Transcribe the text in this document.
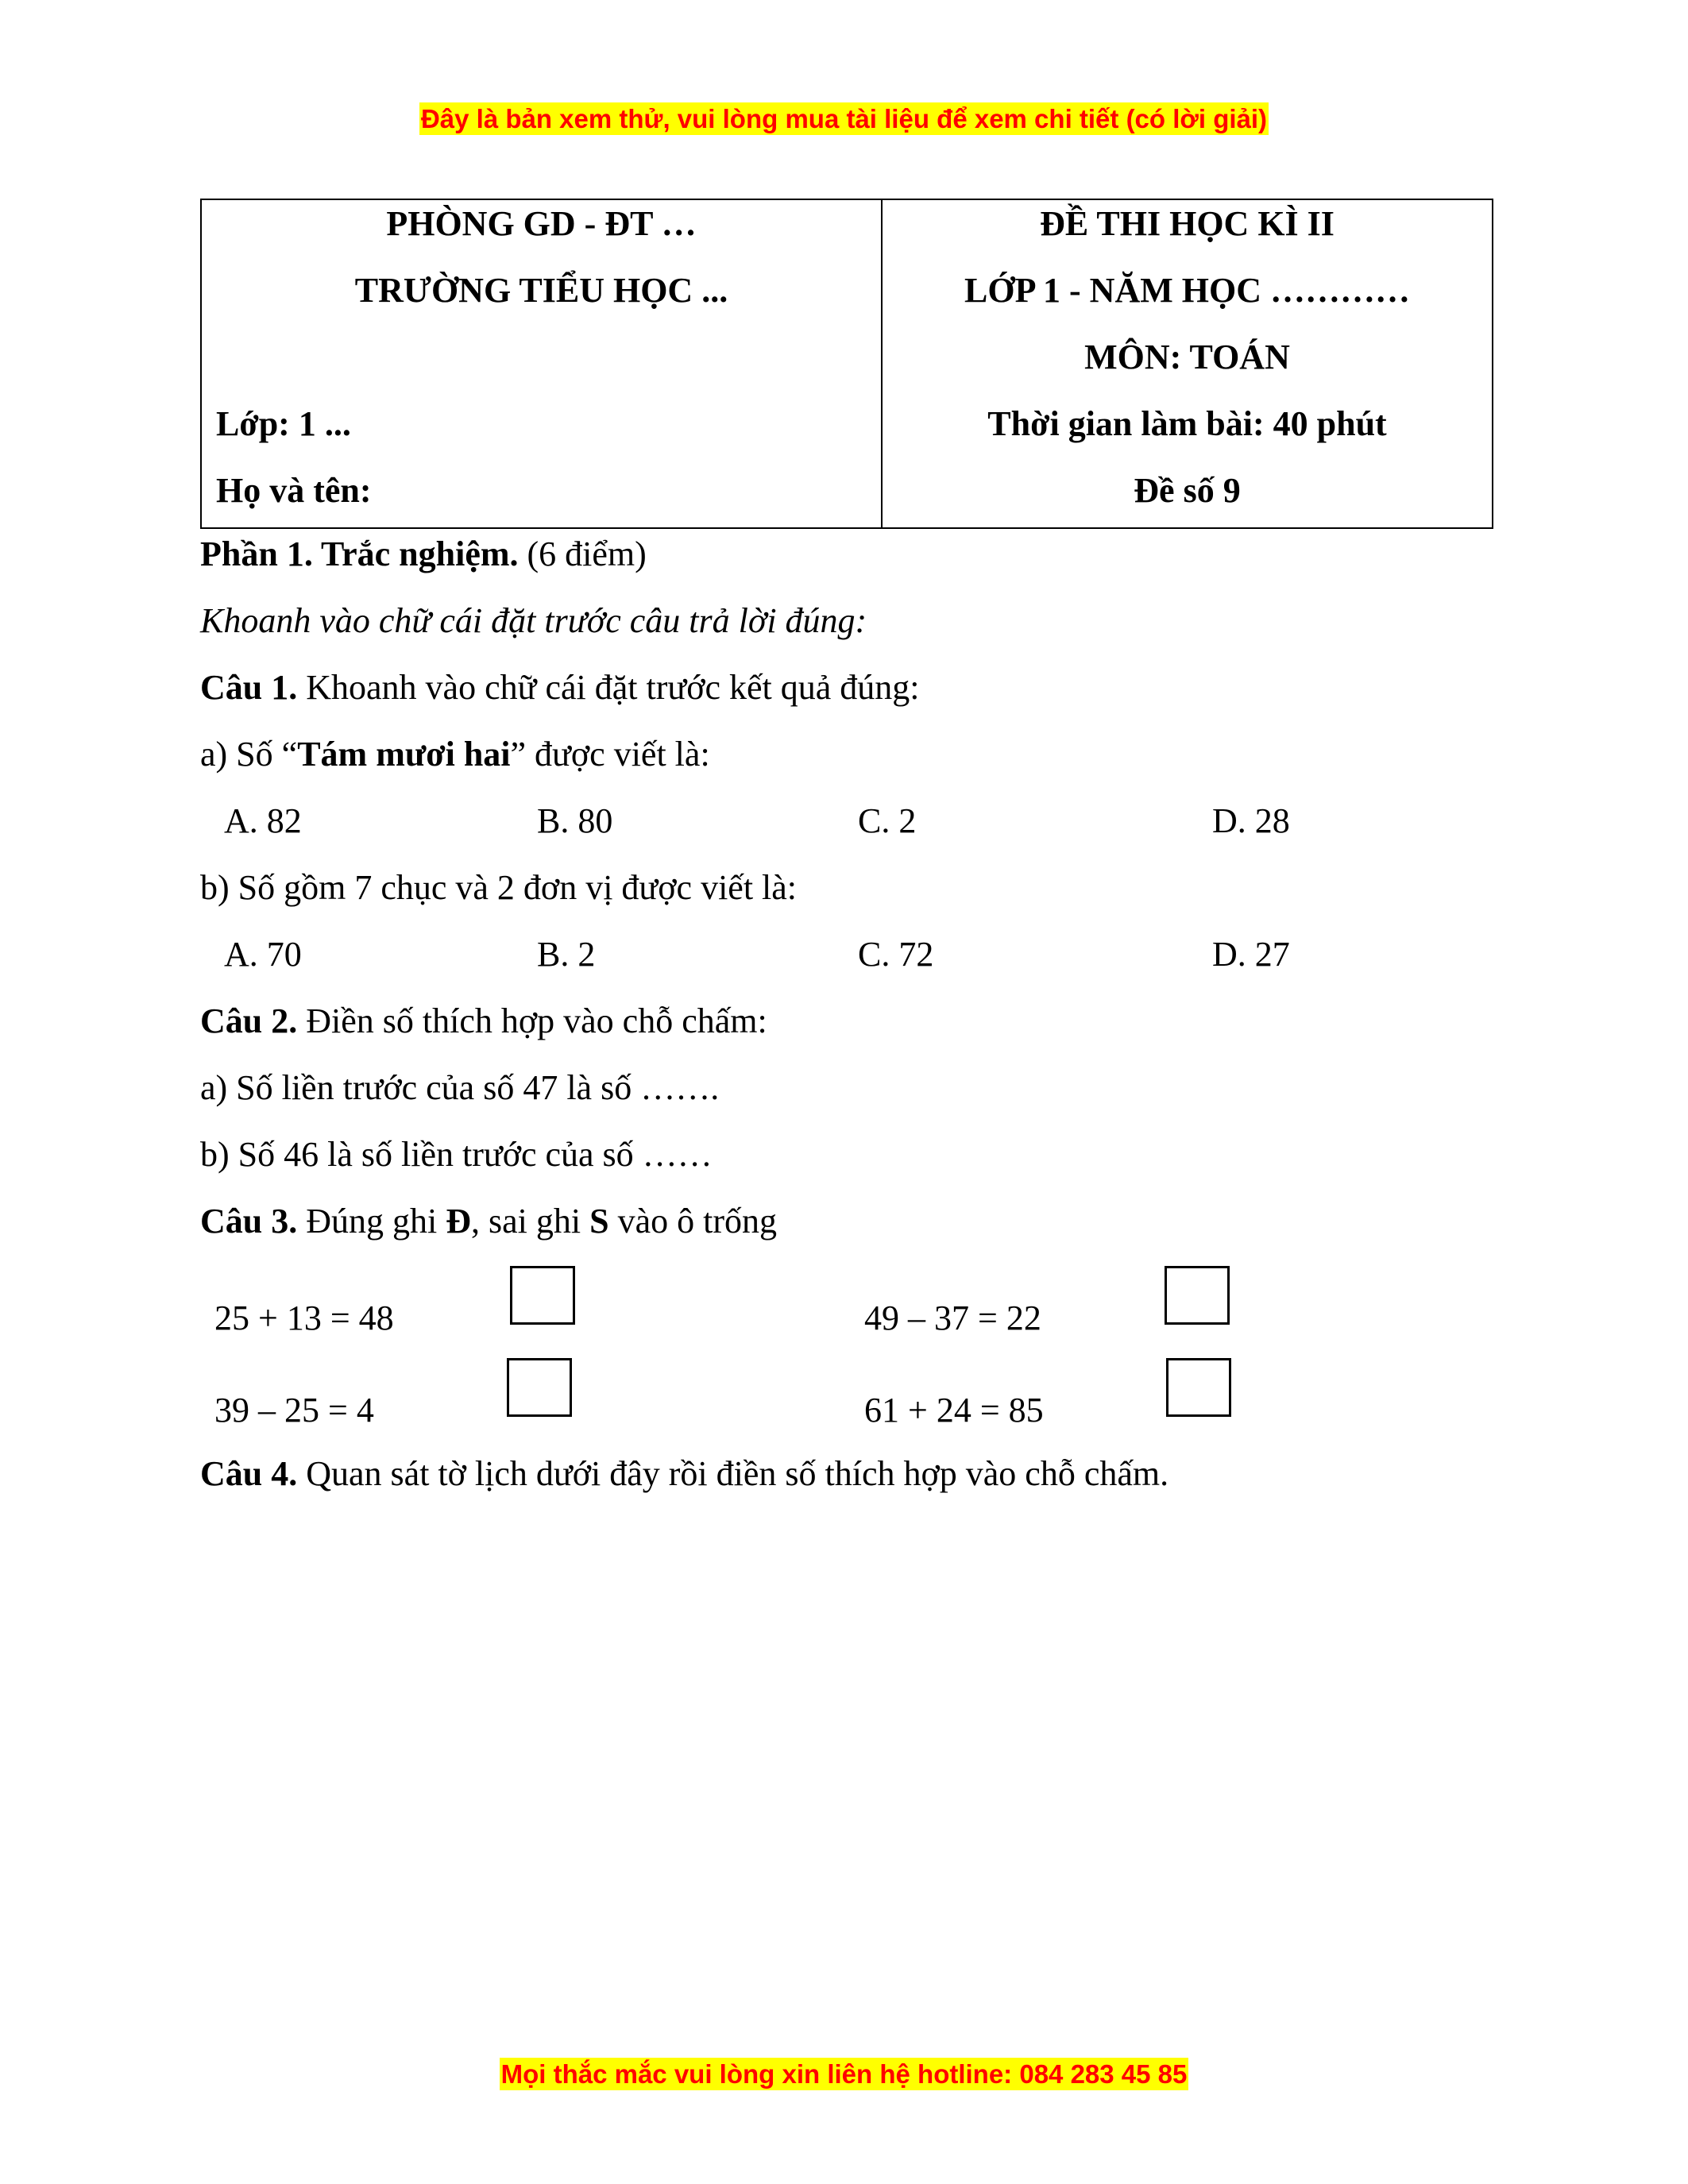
Đây là bản xem thử, vui lòng mua tài liệu để xem chi tiết (có lời giải)
PHÒNG GD - ĐT …
TRƯỜNG TIỂU HỌC ...
Lớp: 1 ...
Họ và tên:
ĐỀ THI HỌC KÌ II
LỚP 1 - NĂM HỌC …………
MÔN: TOÁN
Thời gian làm bài: 40 phút
Đề số 9
Phần 1. Trắc nghiệm. (6 điểm)
Khoanh vào chữ cái đặt trước câu trả lời đúng:
Câu 1. Khoanh vào chữ cái đặt trước kết quả đúng:
a) Số “Tám mươi hai” được viết là:
A. 82	B. 80	C. 2	D. 28
b) Số gồm 7 chục và 2 đơn vị được viết là:
A. 70	B. 2	C. 72	D. 27
Câu 2. Điền số thích hợp vào chỗ chấm:
a) Số liền trước của số 47 là số …….
b) Số 46 là số liền trước của số ……
Câu 3. Đúng ghi Đ, sai ghi S vào ô trống
25 + 13 = 48	49 – 37 = 22
39 – 25 = 4	61 + 24 = 85
Câu 4. Quan sát tờ lịch dưới đây rồi điền số thích hợp vào chỗ chấm.
Mọi thắc mắc vui lòng xin liên hệ hotline: 084 283 45 85
